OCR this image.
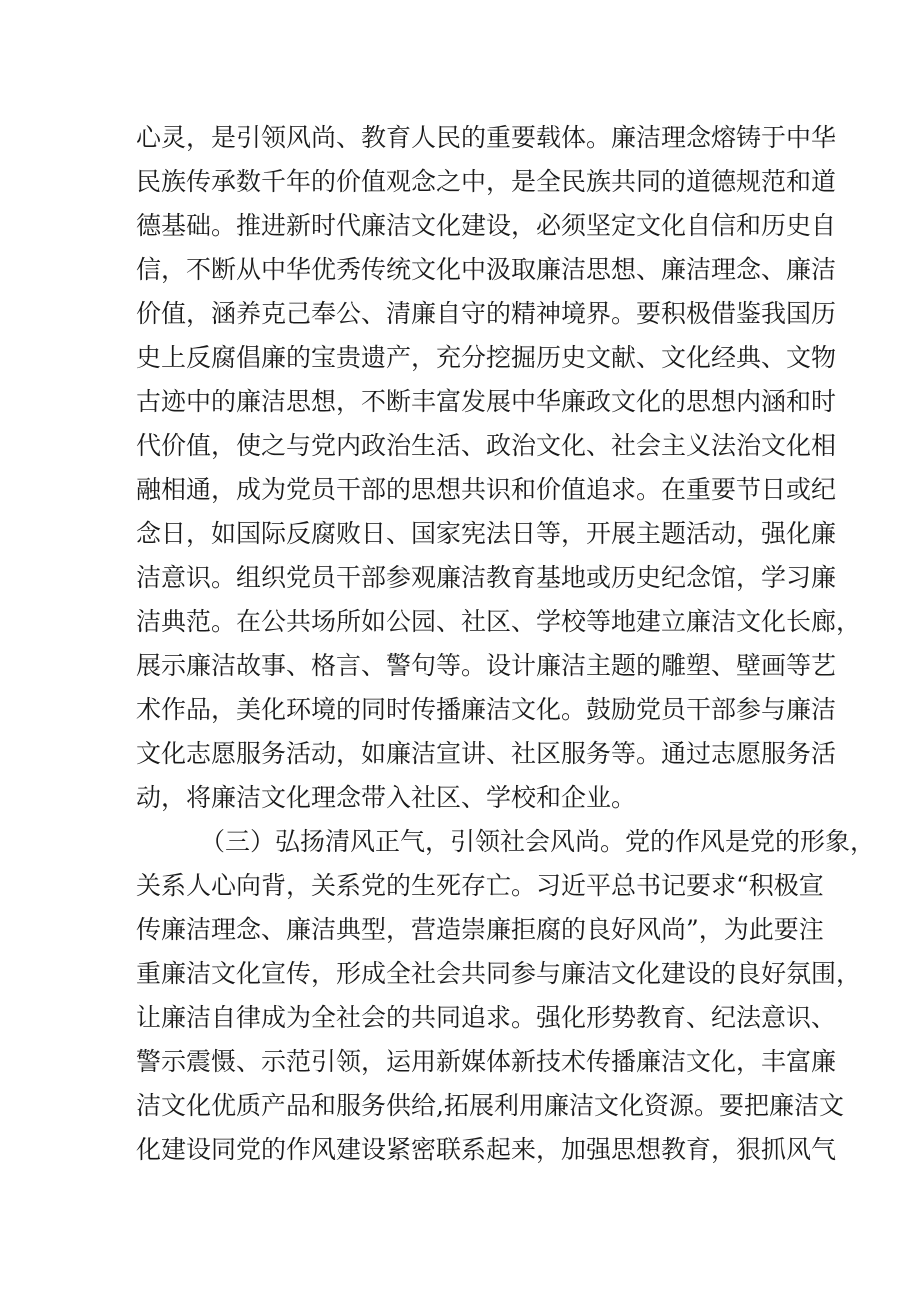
心灵，是引领风尚、教育人民的重要载体。廉洁理念熔铸于中华
民族传承数千年的价值观念之中，是全民族共同的道德规范和道
德基础。推进新时代廉洁文化建设，必须坚定文化自信和历史自
信，不断从中华优秀传统文化中汲取廉洁思想、廉洁理念、廉洁
价值，涵养克己奉公、清廉自守的精神境界。要积极借鉴我国历
史上反腐倡廉的宝贵遗产，充分挖掘历史文献、文化经典、文物
古迹中的廉洁思想，不断丰富发展中华廉政文化的思想内涵和时
代价值，使之与党内政治生活、政治文化、社会主义法治文化相
融相通，成为党员干部的思想共识和价值追求。在重要节日或纪
念日，如国际反腐败日、国家宪法日等，开展主题活动，强化廉
洁意识。组织党员干部参观廉洁教育基地或历史纪念馆，学习廉
洁典范。在公共场所如公园、社区、学校等地建立廉洁文化长廊，
展示廉洁故事、格言、警句等。设计廉洁主题的雕塑、壁画等艺
术作品，美化环境的同时传播廉洁文化。鼓励党员干部参与廉洁
文化志愿服务活动，如廉洁宣讲、社区服务等。通过志愿服务活
动，将廉洁文化理念带入社区、学校和企业。
（三）弘扬清风正气，引领社会风尚。党的作风是党的形象，
关系人心向背，关系党的生死存亡。习近平总书记要求“积极宣
传廉洁理念、廉洁典型，营造崇廉拒腐的良好风尚”，为此要注
重廉洁文化宣传，形成全社会共同参与廉洁文化建设的良好氛围，
让廉洁自律成为全社会的共同追求。强化形势教育、纪法意识、
警示震慑、示范引领，运用新媒体新技术传播廉洁文化，丰富廉
洁文化优质产品和服务供给,拓展利用廉洁文化资源。要把廉洁文
化建设同党的作风建设紧密联系起来，加强思想教育，狠抓风气
